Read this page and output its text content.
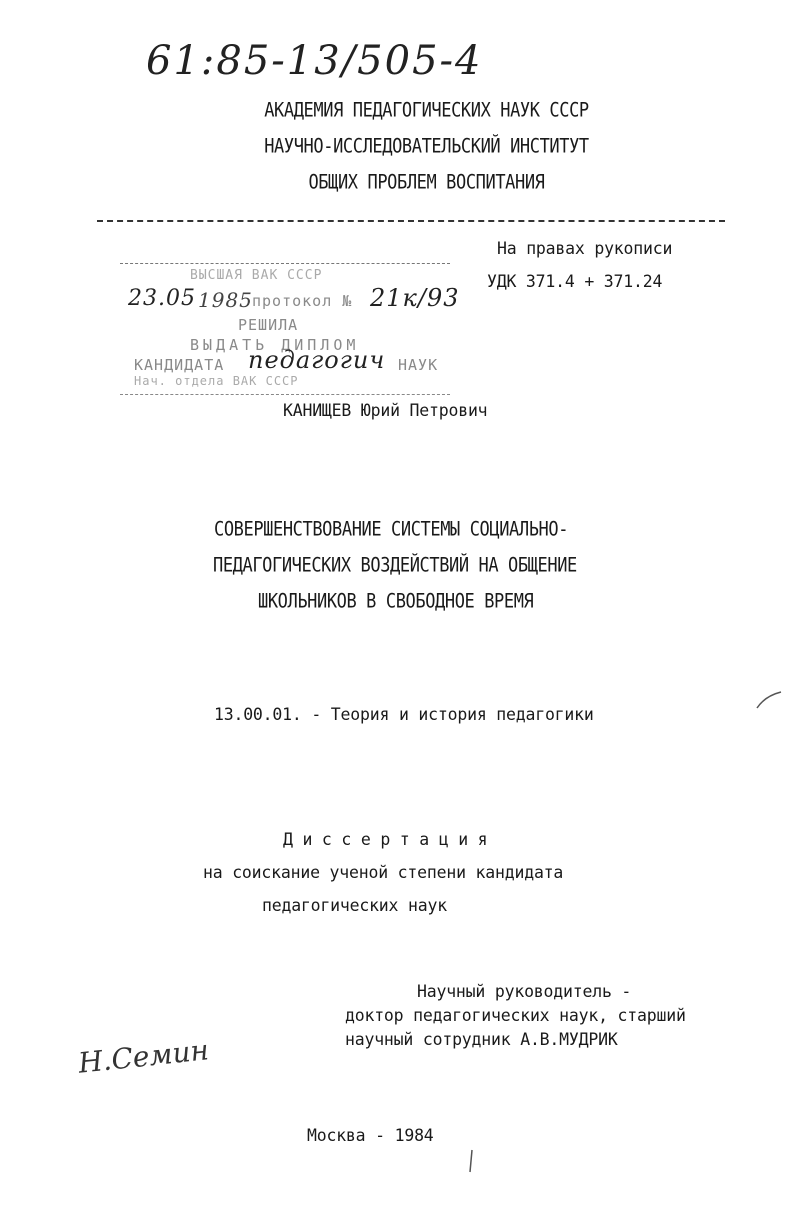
61:85-13/505-4
АКАДЕМИЯ ПЕДАГОГИЧЕСКИХ НАУК СССР
НАУЧНО-ИССЛЕДОВАТЕЛЬСКИЙ ИНСТИТУТ
ОБЩИХ ПРОБЛЕМ ВОСПИТАНИЯ
На правах рукописи
УДК 371.4 + 371.24
ВЫСШАЯ ВАК СССР
23.05 1985 протокол № 21к/93
РЕШИЛА
ВЫДАТЬ ДИПЛОМ
КАНДИДАТА педагогич НАУК
Нач. отдела ВАК СССР
КАНИЩЕВ Юрий Петрович
СОВЕРШЕНСТВОВАНИЕ СИСТЕМЫ СОЦИАЛЬНО-
ПЕДАГОГИЧЕСКИХ ВОЗДЕЙСТВИЙ НА ОБЩЕНИЕ
ШКОЛЬНИКОВ В СВОБОДНОЕ ВРЕМЯ
13.00.01. - Теория и история педагогики
Д и с с е р т а ц и я
на соискание ученой степени кандидата
педагогических наук
Научный руководитель -
доктор педагогических наук, старший
научный сотрудник А.В.МУДРИК
Н.Семин
Москва - 1984
